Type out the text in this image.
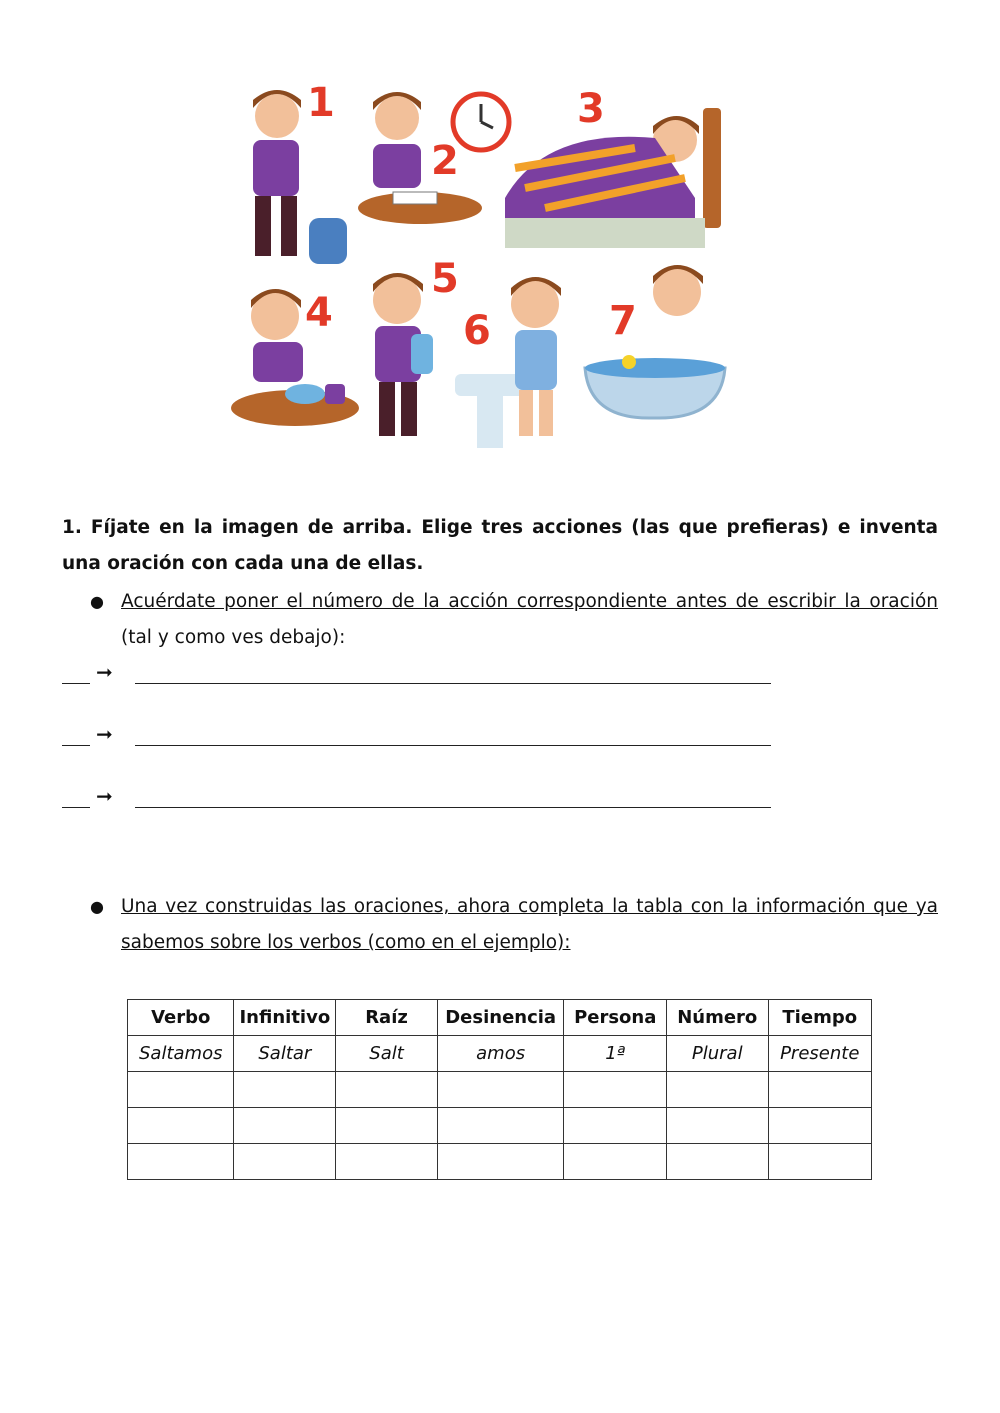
1
2
3
4
5
6	7
1. Fíjate en la imagen de arriba. Elige tres acciones (las que prefieras) e inventa una oración con cada una de ellas.
● Acuérdate poner el número de la acción correspondiente antes de escribir la oración (tal y como ves debajo):
➞
➞
➞
● Una vez construidas las oraciones, ahora completa la tabla con la información que ya sabemos sobre los verbos (como en el ejemplo):
Verbo	Infinitivo	Raíz	Desinencia	Persona	Número	Tiempo
Saltamos	Saltar	Salt	amos	1ª	Plural	Presente
